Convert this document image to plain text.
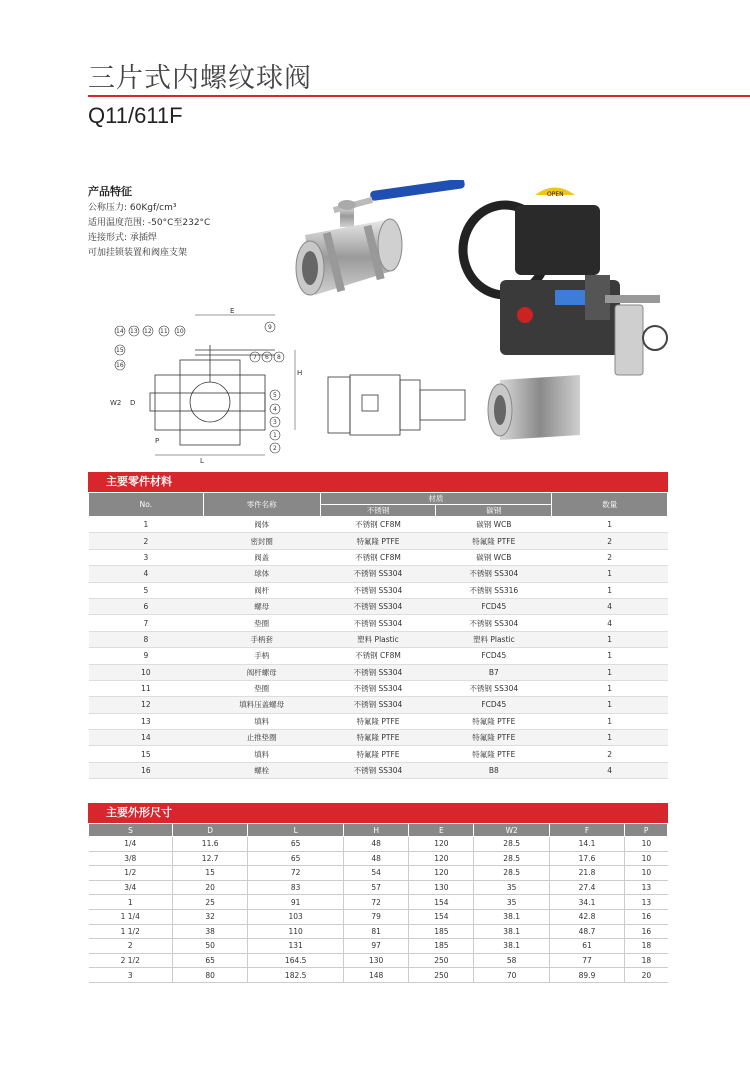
三片式内螺纹球阀
Q11/611F
产品特征
公称压力: 60Kgf/cm³
适用温度范围: -50°C至232°C
连接形式: 承插焊
可加挂锁装置和阀座支架
OPEN
E
L
H
W2 D
P
14 13 12 11 10
9
7 6 8
15
16
5
4
3
1
2
主要零件材料
No.	零件名称	材质		数量
		不锈钢	碳钢	
1	阀体	不锈钢 CF8M	碳钢 WCB	1
2	密封圈	特氟隆 PTFE	特氟隆 PTFE	2
3	阀盖	不锈钢 CF8M	碳钢 WCB	2
4	球体	不锈钢 SS304	不锈钢 SS304	1
5	阀杆	不锈钢 SS304	不锈钢 SS316	1
6	螺母	不锈钢 SS304	FCD45	4
7	垫圈	不锈钢 SS304	不锈钢 SS304	4
8	手柄套	塑料 Plastic	塑料 Plastic	1
9	手柄	不锈钢 CF8M	FCD45	1
10	阀杆螺母	不锈钢 SS304	B7	1
11	垫圈	不锈钢 SS304	不锈钢 SS304	1
12	填料压盖螺母	不锈钢 SS304	FCD45	1
13	填料	特氟隆 PTFE	特氟隆 PTFE	1
14	止推垫圈	特氟隆 PTFE	特氟隆 PTFE	1
15	填料	特氟隆 PTFE	特氟隆 PTFE	2
16	螺栓	不锈钢 SS304	B8	4
主要外形尺寸
S	D	L	H	E	W2	F	P
1/4	11.6	65	48	120	28.5	14.1	10
3/8	12.7	65	48	120	28.5	17.6	10
1/2	15	72	54	120	28.5	21.8	10
3/4	20	83	57	130	35	27.4	13
1	25	91	72	154	35	34.1	13
1 1/4	32	103	79	154	38.1	42.8	16
1 1/2	38	110	81	185	38.1	48.7	16
2	50	131	97	185	38.1	61	18
2 1/2	65	164.5	130	250	58	77	18
3	80	182.5	148	250	70	89.9	20
